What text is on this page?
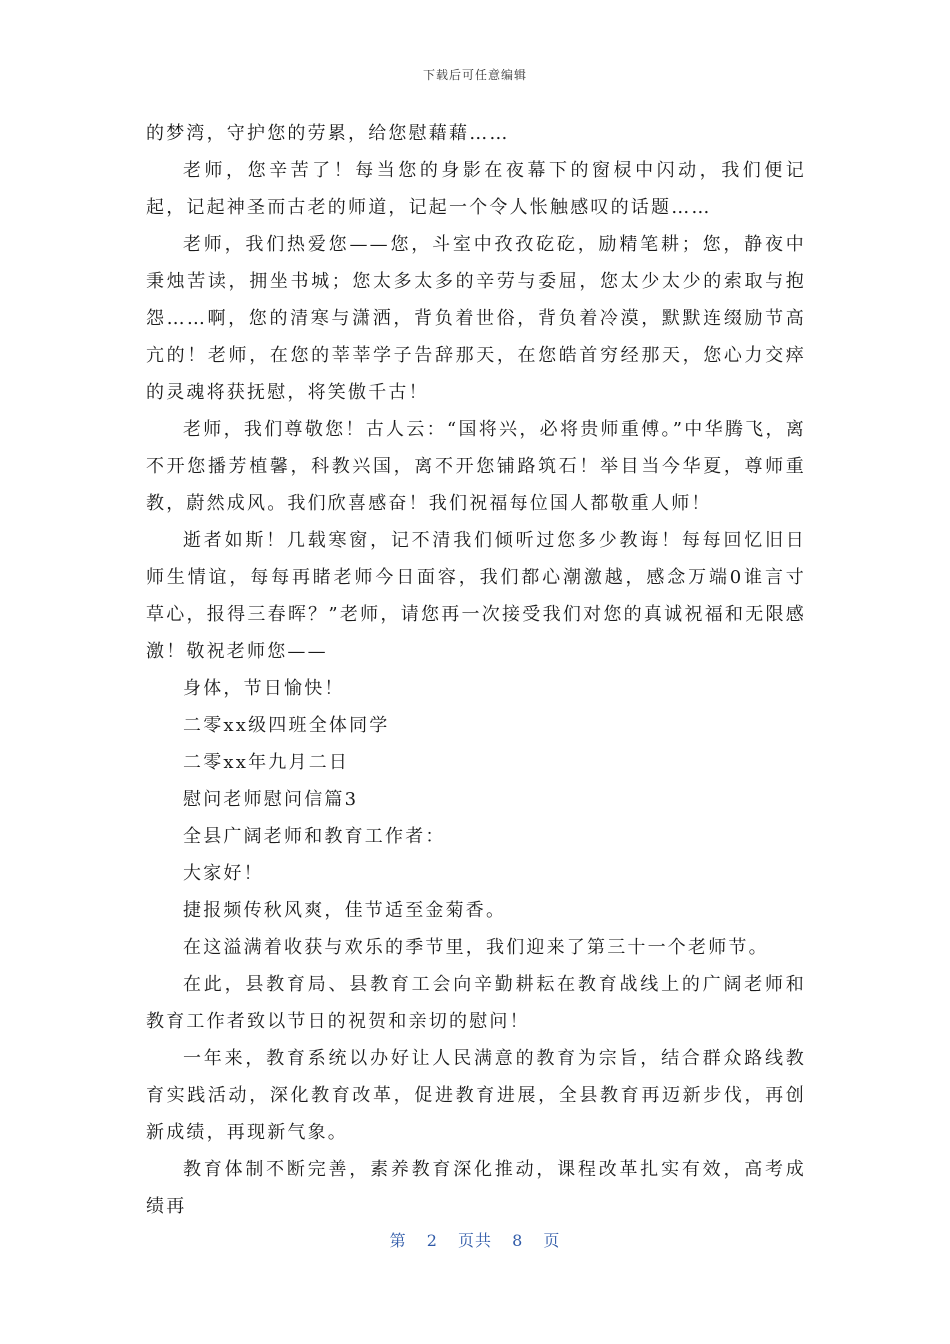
下载后可任意编辑

的梦湾，守护您的劳累，给您慰藉藉……

老师，您辛苦了！每当您的身影在夜幕下的窗棂中闪动，我们便记起，记起神圣而古老的师道，记起一个令人怅触感叹的话题……

老师，我们热爱您——您，斗室中孜孜矻矻，励精笔耕；您，静夜中秉烛苦读，拥坐书城；您太多太多的辛劳与委屈，您太少太少的索取与抱怨……啊，您的清寒与潇洒，背负着世俗，背负着冷漠，默默连缀励节高亢的！老师，在您的莘莘学子告辞那天，在您皓首穷经那天，您心力交瘁的灵魂将获抚慰，将笑傲千古！

老师，我们尊敬您！古人云：“国将兴，必将贵师重傅。”中华腾飞，离不开您播芳植馨，科教兴国，离不开您铺路筑石！举目当今华夏，尊师重教，蔚然成风。我们欣喜感奋！我们祝福每位国人都敬重人师！

逝者如斯！几载寒窗，记不清我们倾听过您多少教诲！每每回忆旧日师生情谊，每每再睹老师今日面容，我们都心潮激越，感念万端0谁言寸草心，报得三春晖？”老师，请您再一次接受我们对您的真诚祝福和无限感激！敬祝老师您——

身体，节日愉快！

二零xx级四班全体同学

二零xx年九月二日

慰问老师慰问信篇3

全县广阔老师和教育工作者：

大家好！

捷报频传秋风爽，佳节适至金菊香。

在这溢满着收获与欢乐的季节里，我们迎来了第三十一个老师节。

在此，县教育局、县教育工会向辛勤耕耘在教育战线上的广阔老师和教育工作者致以节日的祝贺和亲切的慰问！

一年来，教育系统以办好让人民满意的教育为宗旨，结合群众路线教育实践活动，深化教育改革，促进教育进展，全县教育再迈新步伐，再创新成绩，再现新气象。

教育体制不断完善，素养教育深化推动，课程改革扎实有效，高考成绩再

第 2 页共 8 页
